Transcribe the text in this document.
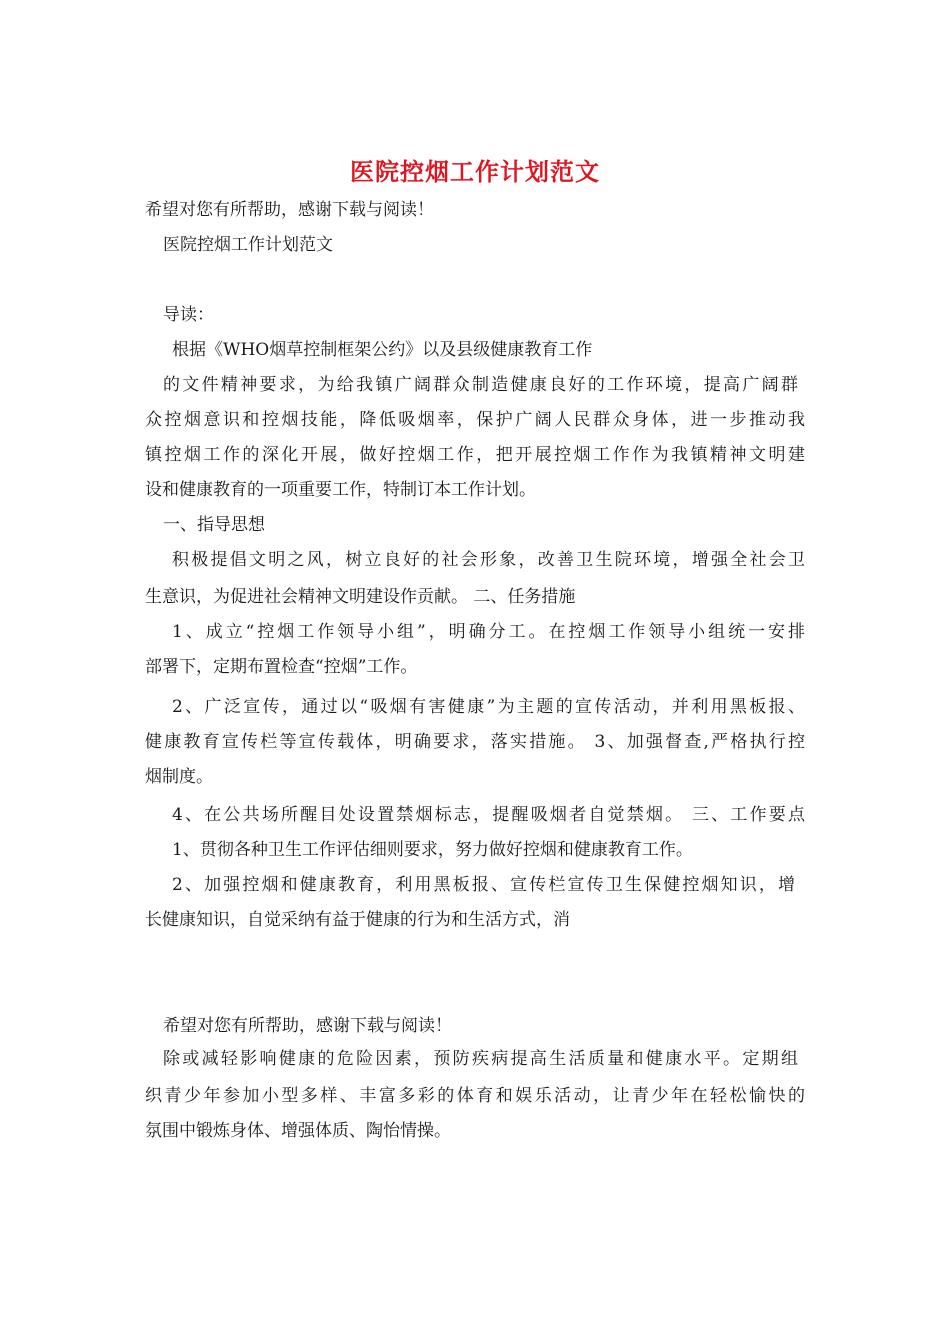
医院控烟工作计划范文

希望对您有所帮助，感谢下载与阅读！

医院控烟工作计划范文

导读：

根据《WHO烟草控制框架公约》以及县级健康教育工作

的文件精神要求，为给我镇广阔群众制造健康良好的工作环境，提高广阔群

众控烟意识和控烟技能，降低吸烟率，保护广阔人民群众身体，进一步推动我

镇控烟工作的深化开展，做好控烟工作，把开展控烟工作作为我镇精神文明建

设和健康教育的一项重要工作，特制订本工作计划。

一、指导思想

积极提倡文明之风，树立良好的社会形象，改善卫生院环境，增强全社会卫

生意识，为促进社会精神文明建设作贡献。 二、任务措施

1、成立“控烟工作领导小组”，明确分工。在控烟工作领导小组统一安排

部署下，定期布置检查“控烟”工作。

2、广泛宣传，通过以“吸烟有害健康”为主题的宣传活动，并利用黑板报、

健康教育宣传栏等宣传载体，明确要求，落实措施。 3、加强督查,严格执行控

烟制度。

4、在公共场所醒目处设置禁烟标志，提醒吸烟者自觉禁烟。 三、工作要点

1、贯彻各种卫生工作评估细则要求，努力做好控烟和健康教育工作。

2、加强控烟和健康教育，利用黑板报、宣传栏宣传卫生保健控烟知识，增

长健康知识，自觉采纳有益于健康的行为和生活方式，消

希望对您有所帮助，感谢下载与阅读！

除或减轻影响健康的危险因素，预防疾病提高生活质量和健康水平。定期组

织青少年参加小型多样、丰富多彩的体育和娱乐活动，让青少年在轻松愉快的

氛围中锻炼身体、增强体质、陶怡情操。
